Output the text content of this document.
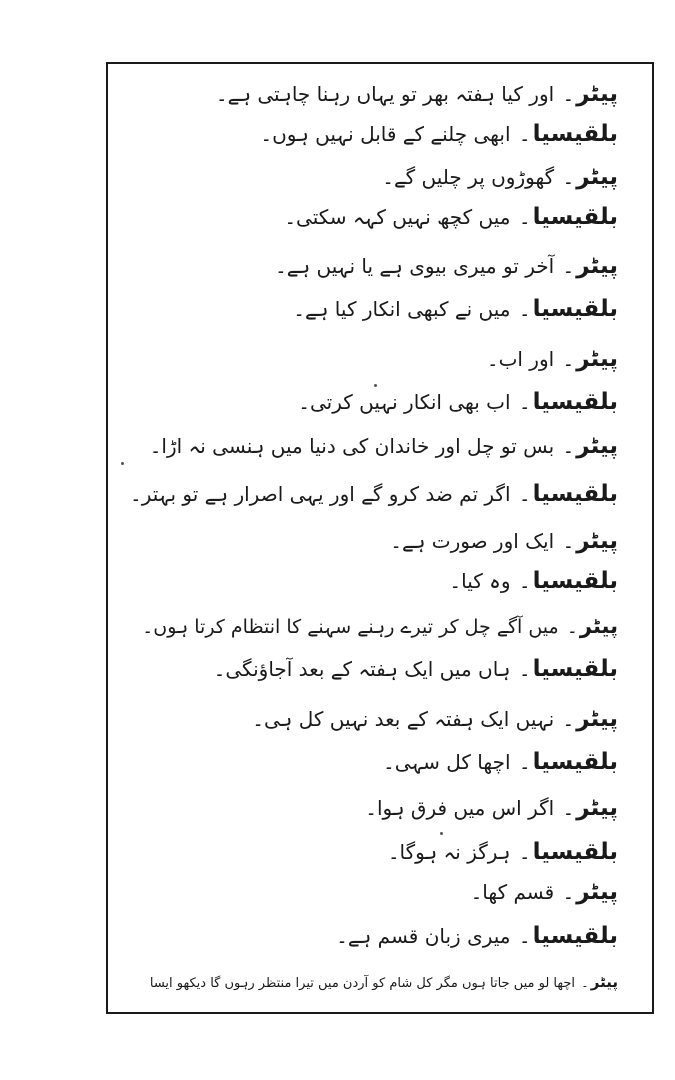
پیٹر۔ اور کیا ہفتہ بھر تو یہاں رہنا چاہتی ہے۔
بلقیسیا۔ ابھی چلنے کے قابل نہیں ہوں۔
پیٹر۔ گھوڑوں پر چلیں گے۔
بلقیسیا۔ میں کچھ نہیں کہہ سکتی۔
پیٹر۔ آخر تو میری بیوی ہے یا نہیں ہے۔
بلقیسیا۔ میں نے کبھی انکار کیا ہے۔
پیٹر۔ اور اب۔
بلقیسیا۔ اب بھی انکار نہیں کرتی۔
پیٹر۔ بس تو چل اور خاندان کی دنیا میں ہنسی نہ اڑا۔
بلقیسیا۔ اگر تم ضد کرو گے اور یہی اصرار ہے تو بہتر۔
پیٹر۔ ایک اور صورت ہے۔
بلقیسیا۔ وہ کیا۔
پیٹر۔ میں آگے چل کر تیرے رہنے سہنے کا انتظام کرتا ہوں۔
بلقیسیا۔ ہاں میں ایک ہفتہ کے بعد آجاؤنگی۔
پیٹر۔ نہیں ایک ہفتہ کے بعد نہیں کل ہی۔
بلقیسیا۔ اچھا کل سہی۔
پیٹر۔ اگر اس میں فرق ہوا۔
بلقیسیا۔ ہرگز نہ ہوگا۔
پیٹر۔ قسم کھا۔
بلقیسیا۔ میری زبان قسم ہے۔
پیٹر۔ اچھا لو میں جاتا ہوں مگر کل شام کو آردن میں تیرا منتظر رہوں گا دیکھو ایسا
